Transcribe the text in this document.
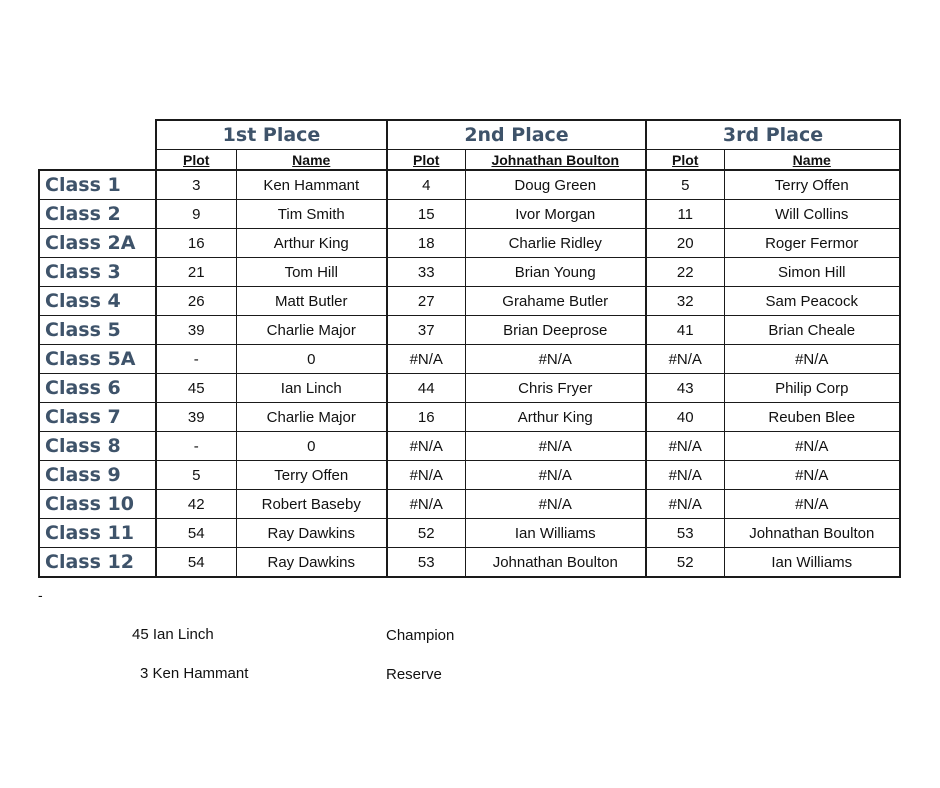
	1st Place		2nd Place		3rd Place	
	Plot	Name	Plot	Johnathan Boulton	Plot	Name
Class 1	3	Ken Hammant	4	Doug Green	5	Terry Offen
Class 2	9	Tim Smith	15	Ivor Morgan	11	Will Collins
Class 2A	16	Arthur King	18	Charlie Ridley	20	Roger Fermor
Class 3	21	Tom Hill	33	Brian Young	22	Simon Hill
Class 4	26	Matt Butler	27	Grahame Butler	32	Sam Peacock
Class 5	39	Charlie Major	37	Brian Deeprose	41	Brian Cheale
Class 5A	-	0	#N/A	#N/A	#N/A	#N/A
Class 6	45	Ian Linch	44	Chris Fryer	43	Philip Corp
Class 7	39	Charlie Major	16	Arthur King	40	Reuben Blee
Class 8	-	0	#N/A	#N/A	#N/A	#N/A
Class 9	5	Terry Offen	#N/A	#N/A	#N/A	#N/A
Class 10	42	Robert Baseby	#N/A	#N/A	#N/A	#N/A
Class 11	54	Ray Dawkins	52	Ian Williams	53	Johnathan Boulton
Class 12	54	Ray Dawkins	53	Johnathan Boulton	52	Ian Williams
-
45 Ian Linch	Champion
3 Ken Hammant	Reserve
